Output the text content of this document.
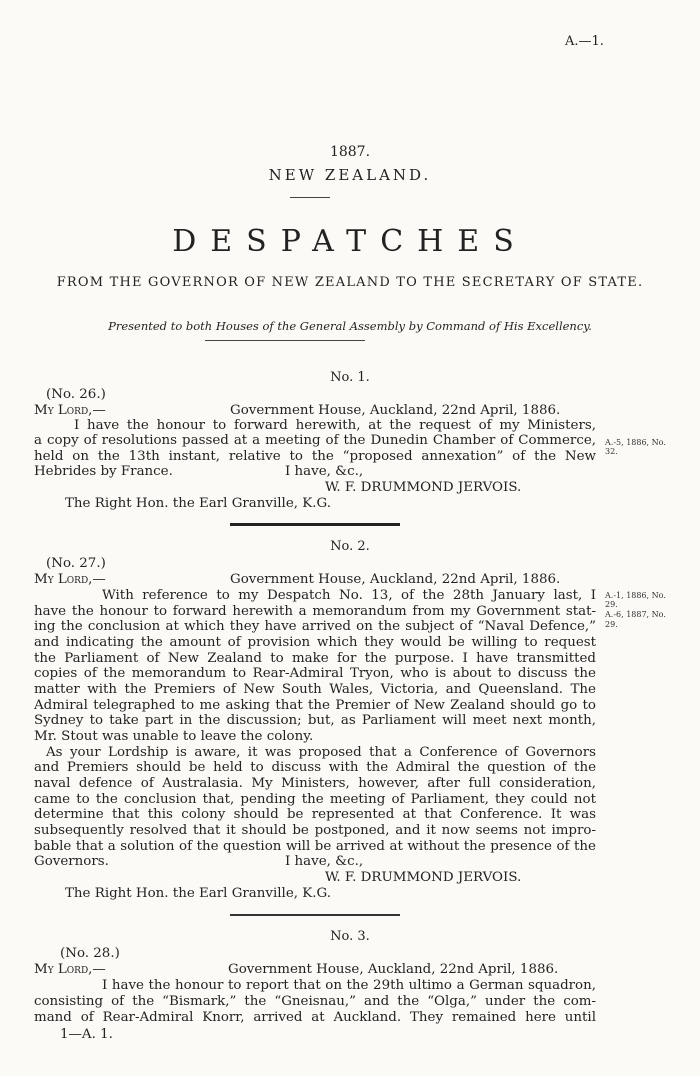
A.—1.
1887.
NEW ZEALAND.
DESPATCHES
FROM THE GOVERNOR OF NEW ZEALAND TO THE SECRETARY OF STATE.
Presented to both Houses of the General Assembly by Command of His Excellency.
No. 1.
(No. 26.)
My Lord,—	Government House, Auckland, 22nd April, 1886.
I have the honour to forward herewith, at the request of my Ministers,
a copy of resolutions passed at a meeting of the Dunedin Chamber of Commerce,
held on the 13th instant, relative to the “proposed annexation” of the New
Hebrides by France.
A.-5, 1886, No.
32.
I have, &c.,
W. F. DRUMMOND JERVOIS.
The Right Hon. the Earl Granville, K.G.
No. 2.
(No. 27.)
My Lord,—	Government House, Auckland, 22nd April, 1886.
With reference to my Despatch No. 13, of the 28th January last, I
have the honour to forward herewith a memorandum from my Government stat-
ing the conclusion at which they have arrived on the subject of “Naval Defence,”
and indicating the amount of provision which they would be willing to request
the Parliament of New Zealand to make for the purpose. I have transmitted
copies of the memorandum to Rear-Admiral Tryon, who is about to discuss the
matter with the Premiers of New South Wales, Victoria, and Queensland. The
Admiral telegraphed to me asking that the Premier of New Zealand should go to
Sydney to take part in the discussion; but, as Parliament will meet next month,
Mr. Stout was unable to leave the colony.
As your Lordship is aware, it was proposed that a Conference of Governors
and Premiers should be held to discuss with the Admiral the question of the
naval defence of Australasia. My Ministers, however, after full consideration,
came to the conclusion that, pending the meeting of Parliament, they could not
determine that this colony should be represented at that Conference. It was
subsequently resolved that it should be postponed, and it now seems not impro-
bable that a solution of the question will be arrived at without the presence of the
Governors.
A.-1, 1886, No.
29.
A.-6, 1887, No.
29.
I have, &c.,
W. F. DRUMMOND JERVOIS.
The Right Hon. the Earl Granville, K.G.
No. 3.
(No. 28.)
My Lord,—	Government House, Auckland, 22nd April, 1886.
I have the honour to report that on the 29th ultimo a German squadron,
consisting of the “Bismark,” the “Gneisnau,” and the “Olga,” under the com-
mand of Rear-Admiral Knorr, arrived at Auckland. They remained here until
1—A. 1.
